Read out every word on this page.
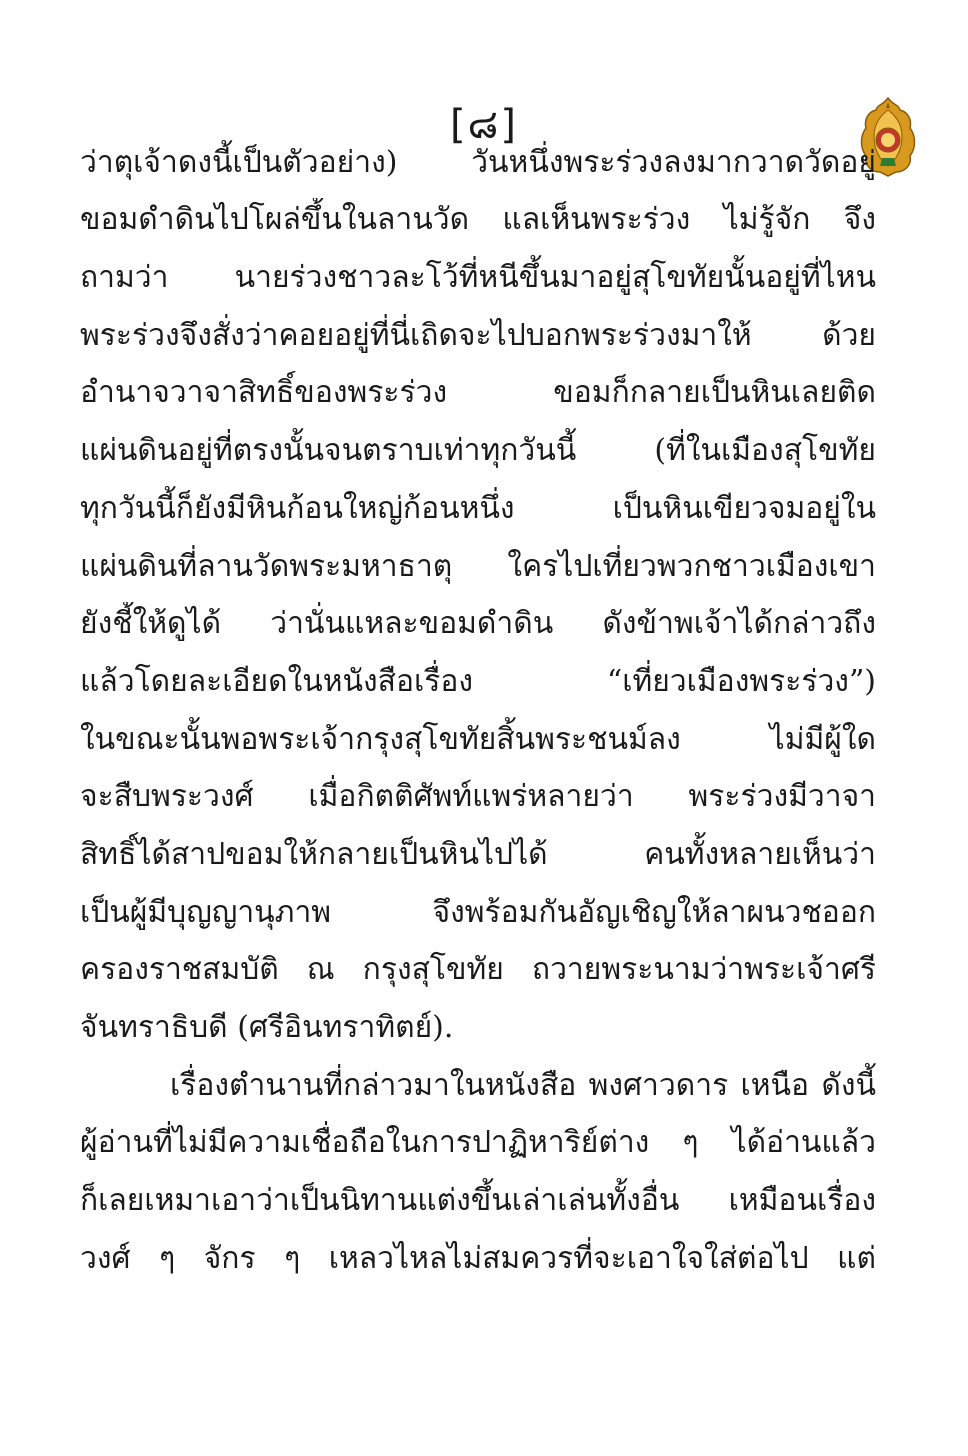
[๘]
ว่าตุเจ้าดงนี้เป็นตัวอย่าง) วันหนึ่งพระร่วงลงมากวาดวัดอยู่
ขอมดำดินไปโผล่ขึ้นในลานวัด แลเห็นพระร่วง ไม่รู้จัก จึง
ถามว่า นายร่วงชาวละโว้ที่หนีขึ้นมาอยู่สุโขทัยนั้นอยู่ที่ไหน
พระร่วงจึงสั่งว่าคอยอยู่ที่นี่เถิดจะไปบอกพระร่วงมาให้ ด้วย
อำนาจวาจาสิทธิ์ของพระร่วง ขอมก็กลายเป็นหินเลยติด
แผ่นดินอยู่ที่ตรงนั้นจนตราบเท่าทุกวันนี้ (ที่ในเมืองสุโขทัย
ทุกวันนี้ก็ยังมีหินก้อนใหญ่ก้อนหนึ่ง เป็นหินเขียวจมอยู่ใน
แผ่นดินที่ลานวัดพระมหาธาตุ ใครไปเที่ยวพวกชาวเมืองเขา
ยังชี้ให้ดูได้ ว่านั่นแหละขอมดำดิน ดังข้าพเจ้าได้กล่าวถึง
แล้วโดยละเอียดในหนังสือเรื่อง “เที่ยวเมืองพระร่วง”)
ในขณะนั้นพอพระเจ้ากรุงสุโขทัยสิ้นพระชนม์ลง ไม่มีผู้ใด
จะสืบพระวงศ์ เมื่อกิตติศัพท์แพร่หลายว่า พระร่วงมีวาจา
สิทธิ์ได้สาปขอมให้กลายเป็นหินไปได้ คนทั้งหลายเห็นว่า
เป็นผู้มีบุญญานุภาพ จึงพร้อมกันอัญเชิญให้ลาผนวชออก
ครองราชสมบัติ ณ กรุงสุโขทัย ถวายพระนามว่าพระเจ้าศรี
จันทราธิบดี (ศรีอินทราทิตย์).
เรื่องตำนานที่กล่าวมาในหนังสือ พงศาวดาร เหนือ ดังนี้
ผู้อ่านที่ไม่มีความเชื่อถือในการปาฏิหาริย์ต่าง ๆ ได้อ่านแล้ว
ก็เลยเหมาเอาว่าเป็นนิทานแต่งขึ้นเล่าเล่นทั้งอื่น เหมือนเรื่อง
วงศ์ ๆ จักร ๆ เหลวไหลไม่สมควรที่จะเอาใจใส่ต่อไป แต่
